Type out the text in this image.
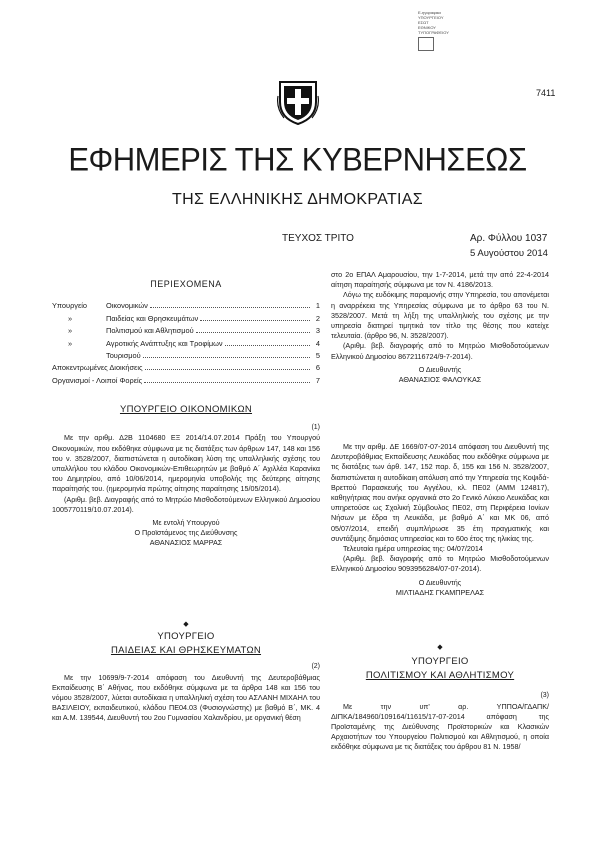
Ε-ηγαραφικα
ΥΠΟΥΡΓΕΙΟΥ
ΕΣΩΤ
ΕΘΝΙΚΟΥ
ΤΥΠΟΓΡΑΦΕΙΟΥ
7411
ΕΦΗΜΕΡΙΣ ΤΗΣ ΚΥΒΕΡΝΗΣΕΩΣ
ΤΗΣ ΕΛΛΗΝΙΚΗΣ ΔΗΜΟΚΡΑΤΙΑΣ
ΤΕΥΧΟΣ ΤΡΙΤΟ	Αρ. Φύλλου 1037
5 Αυγούστου 2014
ΠΕΡΙΕΧΟΜΕΝΑ
Υπουργείο	Οικονομικών	1
»	Παιδείας και Θρησκευμάτων	2
»	Πολιτισμού και Αθλητισμού	3
»	Αγροτικής Ανάπτυξης και Τροφίμων	4
Τουρισμού	5
Αποκεντρωμένες Διοικήσεις	6
Οργανισμοί - Λοιποί Φορείς	7
ΥΠΟΥΡΓΕΙΟ ΟΙΚΟΝΟΜΙΚΩΝ
(1)
Με την αριθμ. Δ2Β 1104680 ΕΞ 2014/14.07.2014 Πράξη του Υπουργού Οικονομικών, που εκδόθηκε σύμφωνα με τις διατάξεις των άρθρων 147, 148 και 156 του ν. 3528/2007, διαπιστώνεται η αυτοδίκαιη λύση της υπαλληλικής σχέσης του υπαλλήλου του κλάδου Οικονομικών-Επιθεωρητών με βαθμό Α΄ Αχιλλέα Καρανίκα του Δημητρίου, από 10/06/2014, ημερομηνία υποβολής της δεύτερης αίτησης παραίτησής του. (ημερομηνία πρώτης αίτησης παραίτησης 15/05/2014).
(Αριθμ. βεβ. Διαγραφής από το Μητρώο Μισθοδοτούμενων Ελληνικού Δημοσίου 1005770119/10.07.2014).
Με εντολή Υπουργού
Ο Προϊστάμενος της Διεύθυνσης
ΑΘΑΝΑΣΙΟΣ ΜΑΡΡΑΣ
◆
ΥΠΟΥΡΓΕΙΟ
ΠΑΙΔΕΙΑΣ ΚΑΙ ΘΡΗΣΚΕΥΜΑΤΩΝ
(2)
Με την 10699/9-7-2014 απόφαση του Διευθυντή της Δευτεροβάθμιας Εκπαίδευσης Β΄ Αθήνας, που εκδόθηκε σύμφωνα με τα άρθρα 148 και 156 του νόμου 3528/2007, λύεται αυτοδίκαια η υπαλληλική σχέση του ΑΣΛΑΝΗ ΜΙΧΑΗΛ του ΒΑΣΙΛΕΙΟΥ, εκπαιδευτικού, κλάδου ΠΕ04.03 (Φυσιογνώστης) με βαθμό Β΄, ΜΚ. 4 και Α.Μ. 139544, Διευθυντή του 2ου Γυμνασίου Χαλανδρίου, με οργανική θέση
στο 2ο ΕΠΑΛ Αμαρουσίου, την 1-7-2014, μετά την από 22-4-2014 αίτηση παραίτησής σύμφωνα με τον Ν. 4186/2013.
Λόγω της ευδόκιμης παραμονής στην Υπηρεσία, του απονέμεται η αναρρέκεια της Υπηρεσίας σύμφωνα με το άρθρο 63 του Ν. 3528/2007. Μετά τη λήξη της υπαλληλικής του σχέσης με την υπηρεσία διατηρεί τιμητικά τον τίτλο της θέσης που κατείχε τελευταία. (άρθρο 96, Ν. 3528/2007).
(Αριθμ. βεβ. διαγραφής από το Μητρώο Μισθοδοτούμενων Ελληνικού Δημοσίου 8672116724/9-7-2014).
Ο Διευθυντής
ΑΘΑΝΑΣΙΟΣ ΦΑΛΟΥΚΑΣ
Με την αριθμ. ΔΕ 1669/07-07-2014 απόφαση του Διευθυντή της Δευτεροβάθμιας Εκπαίδευσης Λευκάδας που εκδόθηκε σύμφωνα με τις διατάξεις των άρθ. 147, 152 παρ. δ, 155 και 156 Ν. 3528/2007, διαπιστώνεται η αυτοδίκαιη απόλυση από την Υπηρεσία της Κοψιδά-Βρεττού Παρασκευής του Αγγέλου, κλ. ΠΕ02 (ΑΜΜ 124817), καθηγήτριας που ανήκε οργανικά στο 2ο Γενικό Λύκειο Λευκάδας και υπηρετούσε ως Σχολική Σύμβουλος ΠΕ02, στη Περιφέρεια Ιονίων Νήσων με έδρα τη Λευκάδα, με βαθμό Α΄ και ΜΚ 06, από 05/07/2014, επειδή συμπλήρωσε 35 έτη πραγματικής και συντάξιμης δημόσιας υπηρεσίας και το 60ο έτος της ηλικίας της.
Τελευταία ημέρα υπηρεσίας της: 04/07/2014
(Αριθμ. βεβ. διαγραφής από το Μητρώο Μισθοδοτούμενων Ελληνικού Δημοσίου 9093956284/07-07-2014).
Ο Διευθυντής
ΜΙΛΤΙΑΔΗΣ ΓΚΑΜΠΡΕΛΑΣ
◆
ΥΠΟΥΡΓΕΙΟ
ΠΟΛΙΤΙΣΜΟΥ ΚΑΙ ΑΘΛΗΤΙΣΜΟΥ
(3)
Με την υπ' αρ. ΥΠΠΟΑ/ΓΔΑΠΚ/ΔΙΠΚΑ/184960/109164/11615/17-07-2014 απόφαση της Προϊσταμένης της Διεύθυνσης Προϊστορικών και Κλασικών Αρχαιοτήτων του Υπουργείου Πολιτισμού και Αθλητισμού, η οποία εκδόθηκε σύμφωνα με τις διατάξεις του άρθρου 81 Ν. 1958/
